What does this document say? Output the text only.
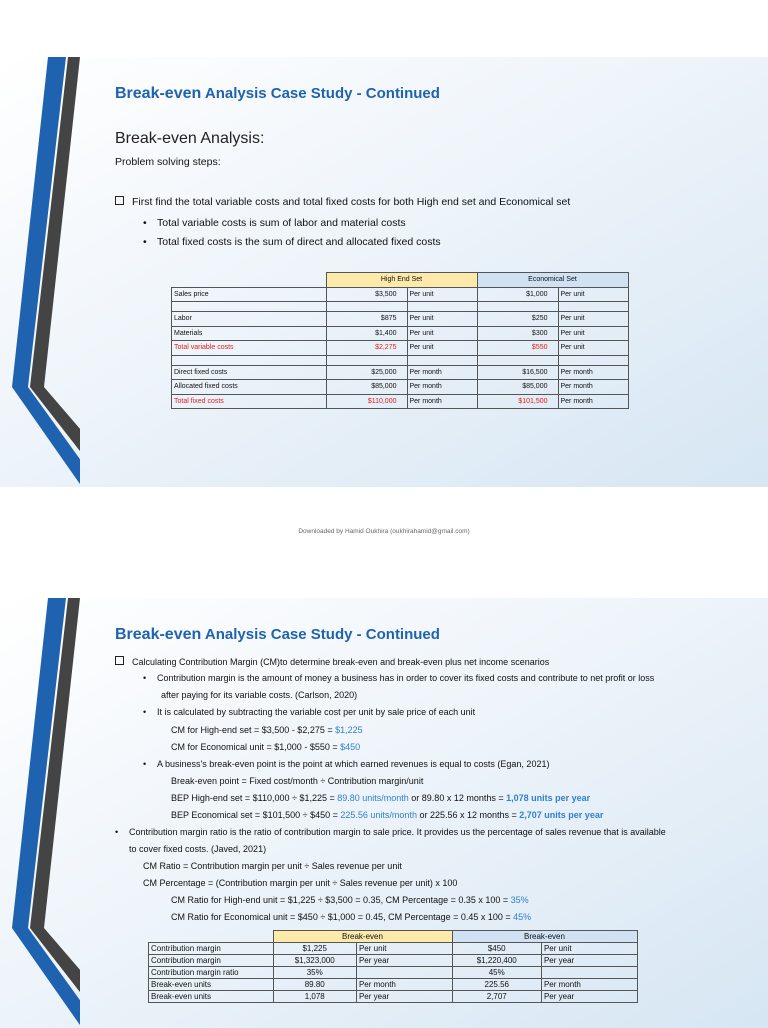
Break-even Analysis Case Study - Continued
Break-even Analysis:
Problem solving steps:
First find the total variable costs and total fixed costs for both High end set and Economical set
• Total variable costs is sum of labor and material costs
• Total fixed costs is the sum of direct and allocated fixed costs
	High End Set		Economical Set	
Sales price	$3,500	Per unit	$1,000	Per unit

Labor	$875	Per unit	$250	Per unit
Materials	$1,400	Per unit	$300	Per unit
Total variable costs	$2,275	Per unit	$550	Per unit

Direct fixed costs	$25,000	Per month	$16,500	Per month
Allocated fixed costs	$85,000	Per month	$85,000	Per month
Total fixed costs	$110,000	Per month	$101,500	Per month
Downloaded by Hamid Oukhira (oukhirahamid@gmail.com)
Break-even Analysis Case Study - Continued
Calculating Contribution Margin (CM)to determine break-even and break-even plus net income scenarios
• Contribution margin is the amount of money a business has in order to cover its fixed costs and contribute to net profit or loss
after paying for its variable costs. (Carlson, 2020)
• It is calculated by subtracting the variable cost per unit by sale price of each unit
CM for High-end set = $3,500 - $2,275 = $1,225
CM for Economical unit = $1,000 - $550 = $450
• A business's break-even point is the point at which earned revenues is equal to costs (Egan, 2021)
Break-even point = Fixed cost/month ÷ Contribution margin/unit
BEP High-end set = $110,000 ÷ $1,225 = 89.80 units/month or 89.80 x 12 months = 1,078 units per year
BEP Economical set = $101,500 ÷ $450 = 225.56 units/month or 225.56 x 12 months = 2,707 units per year
• Contribution margin ratio is the ratio of contribution margin to sale price. It provides us the percentage of sales revenue that is available
to cover fixed costs. (Javed, 2021)
CM Ratio = Contribution margin per unit ÷ Sales revenue per unit
CM Percentage = (Contribution margin per unit ÷ Sales revenue per unit) x 100
CM Ratio for High-end unit = $1,225 ÷ $3,500 = 0.35, CM Percentage = 0.35 x 100 = 35%
CM Ratio for Economical unit = $450 ÷ $1,000 = 0.45, CM Percentage = 0.45 x 100 = 45%
	Break-even		Break-even	
Contribution margin	$1,225	Per unit	$450	Per unit
Contribution margin	$1,323,000	Per year	$1,220,400	Per year
Contribution margin ratio	35%		45%	
Break-even units	89.80	Per month	225.56	Per month
Break-even units	1,078	Per year	2,707	Per year
